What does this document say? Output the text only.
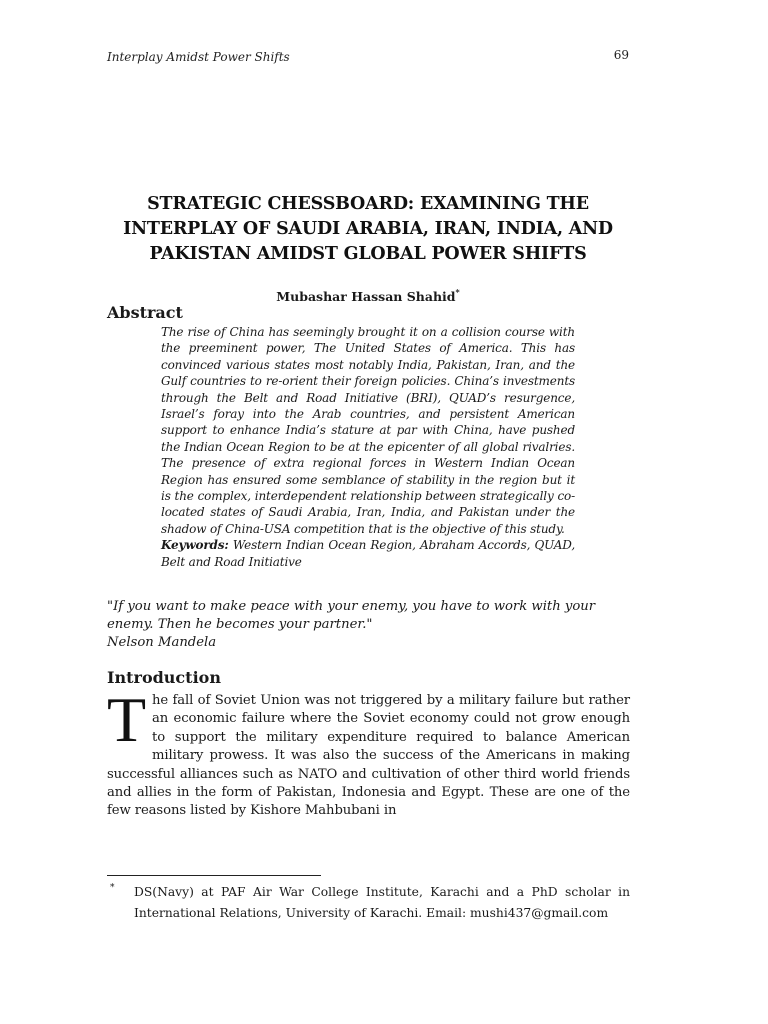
Interplay Amidst Power Shifts	69
STRATEGIC CHESSBOARD: EXAMINING THE INTERPLAY OF SAUDI ARABIA, IRAN, INDIA, AND PAKISTAN AMIDST GLOBAL POWER SHIFTS
Mubashar Hassan Shahid*
Abstract
The rise of China has seemingly brought it on a collision course with the preeminent power, The United States of America. This has convinced various states most notably India, Pakistan, Iran, and the Gulf countries to re-orient their foreign policies. China’s investments through the Belt and Road Initiative (BRI), QUAD’s resurgence, Israel’s foray into the Arab countries, and persistent American support to enhance India’s stature at par with China, have pushed the Indian Ocean Region to be at the epicenter of all global rivalries. The presence of extra regional forces in Western Indian Ocean Region has ensured some semblance of stability in the region but it is the complex, interdependent relationship between strategically co-located states of Saudi Arabia, Iran, India, and Pakistan under the shadow of China-USA competition that is the objective of this study.
Keywords: Western Indian Ocean Region, Abraham Accords, QUAD, Belt and Road Initiative
"If you want to make peace with your enemy, you have to work with your enemy. Then he becomes your partner."
Nelson Mandela
Introduction
The fall of Soviet Union was not triggered by a military failure but rather an economic failure where the Soviet economy could not grow enough to support the military expenditure required to balance American military prowess. It was also the success of the Americans in making successful alliances such as NATO and cultivation of other third world friends and allies in the form of Pakistan, Indonesia and Egypt. These are one of the few reasons listed by Kishore Mahbubani in
* DS(Navy) at PAF Air War College Institute, Karachi and a PhD scholar in International Relations, University of Karachi. Email: mushi437@gmail.com
